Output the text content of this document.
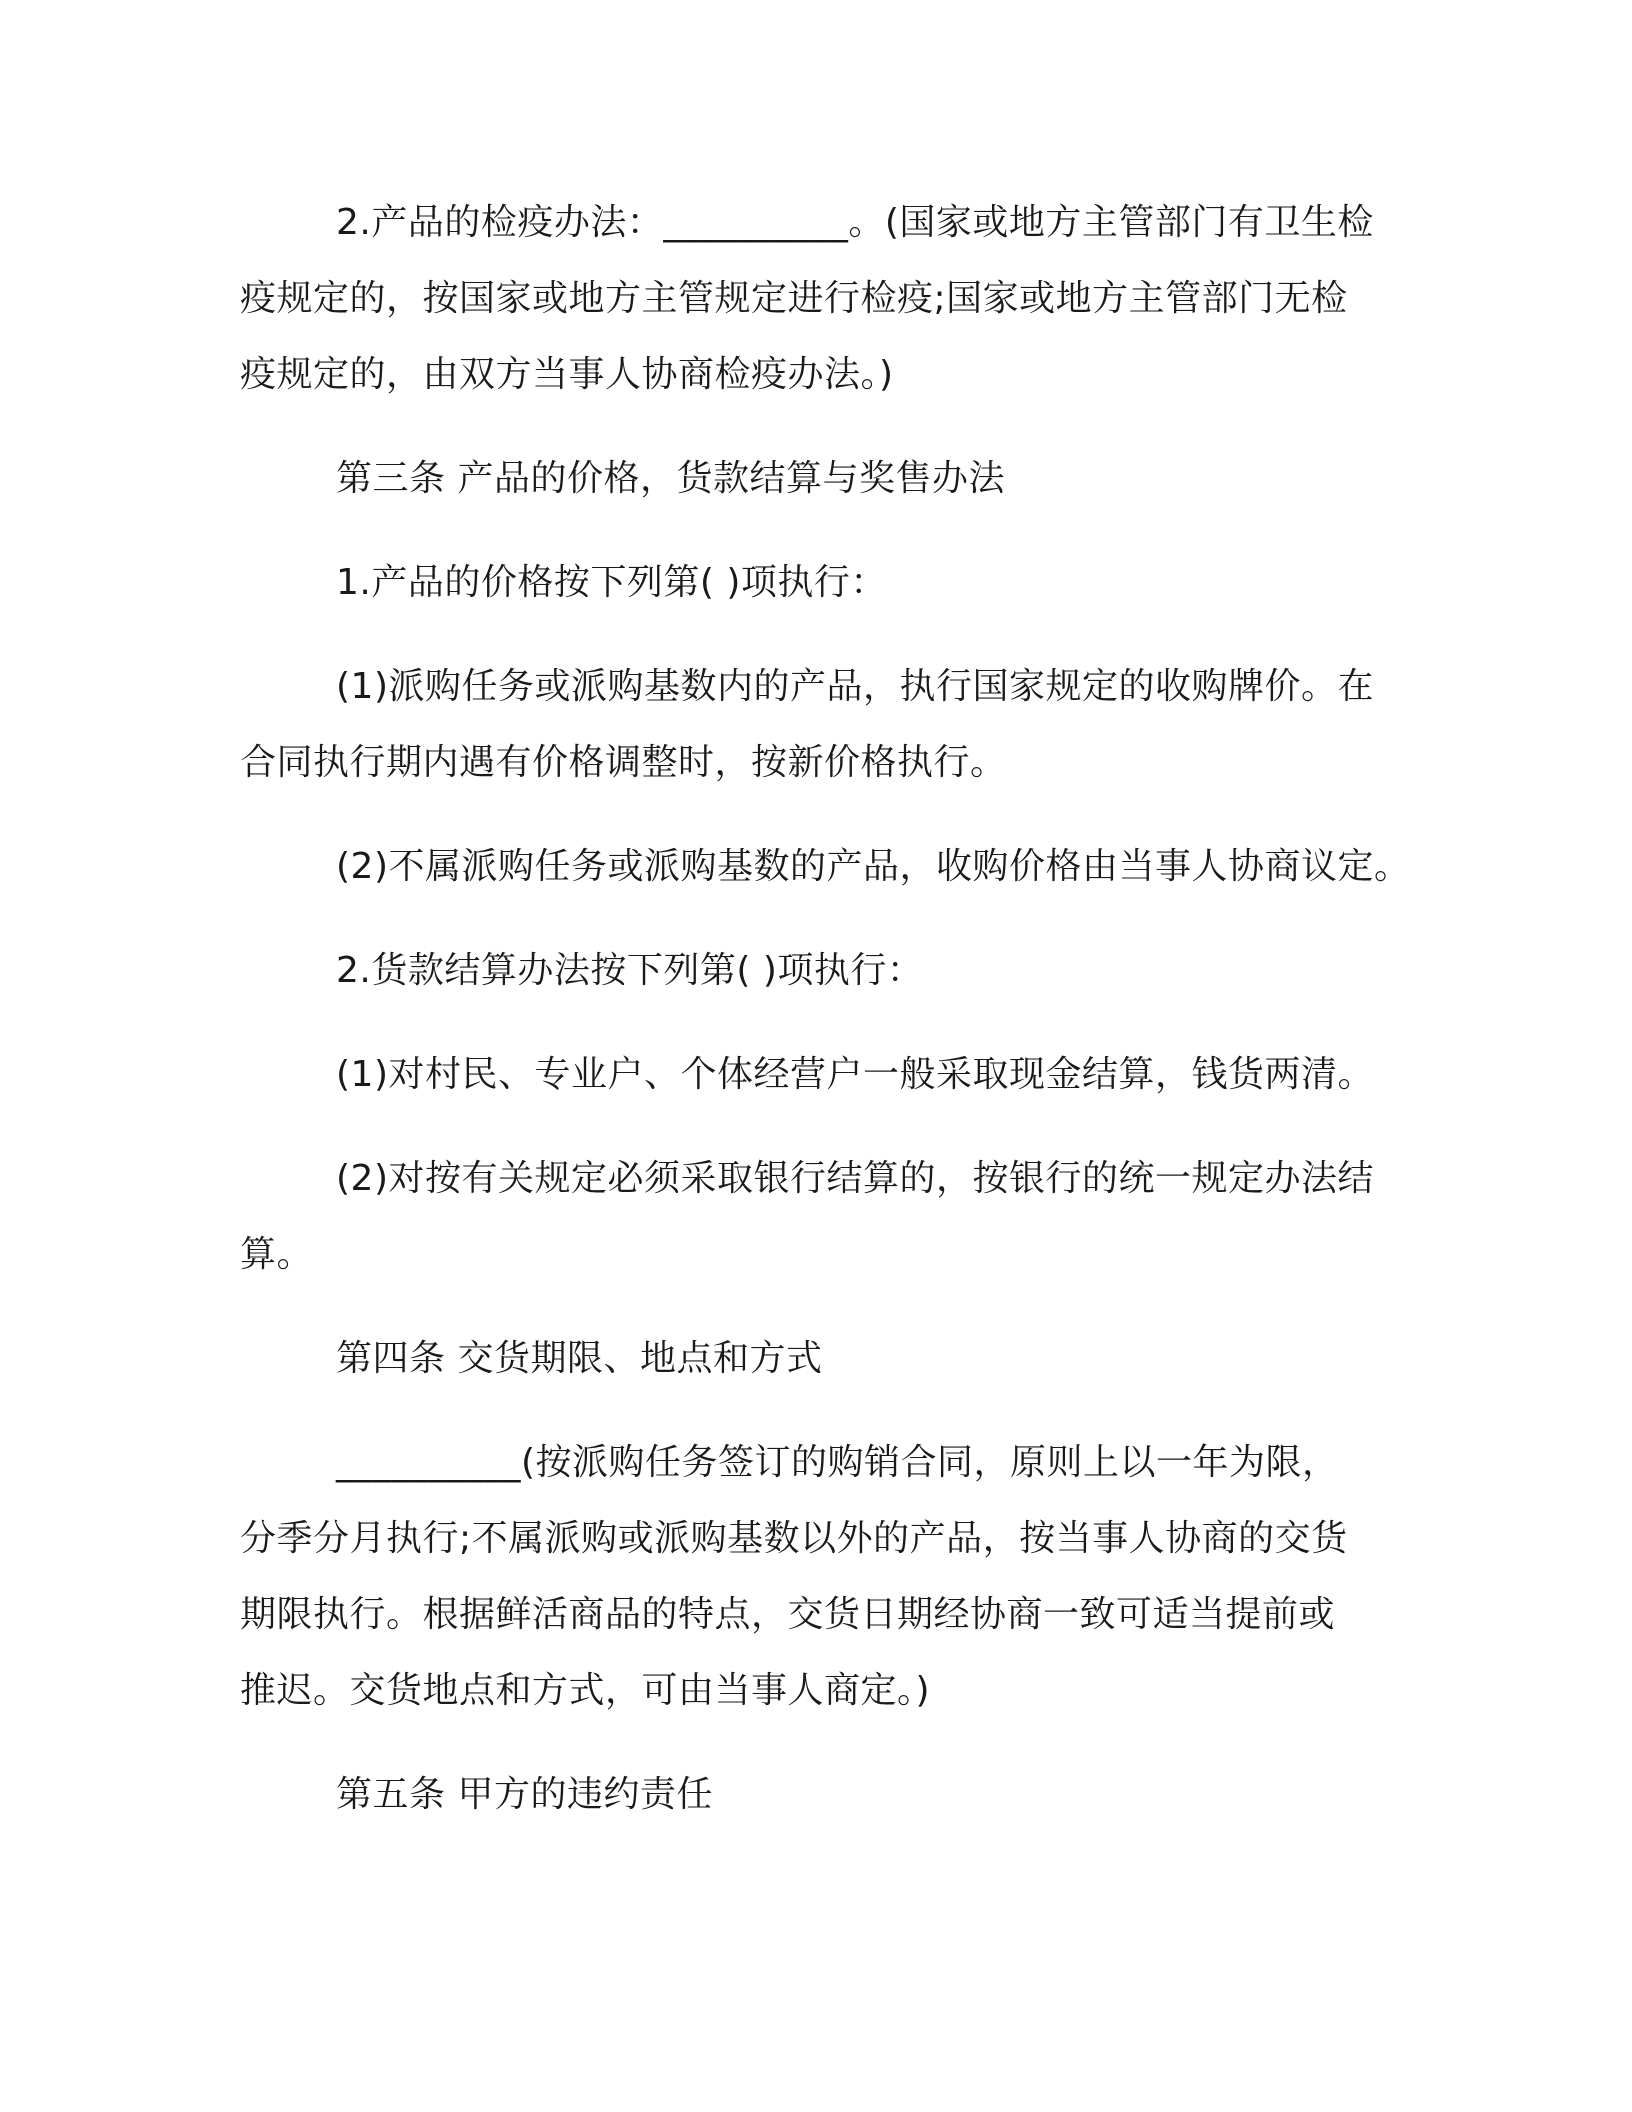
2.产品的检疫办法：__________。(国家或地方主管部门有卫生检
疫规定的，按国家或地方主管规定进行检疫;国家或地方主管部门无检
疫规定的，由双方当事人协商检疫办法。)
第三条 产品的价格，货款结算与奖售办法
1.产品的价格按下列第( )项执行：
(1)派购任务或派购基数内的产品，执行国家规定的收购牌价。在
合同执行期内遇有价格调整时，按新价格执行。
(2)不属派购任务或派购基数的产品，收购价格由当事人协商议定。
2.货款结算办法按下列第( )项执行：
(1)对村民、专业户、个体经营户一般采取现金结算，钱货两清。
(2)对按有关规定必须采取银行结算的，按银行的统一规定办法结
算。
第四条 交货期限、地点和方式
__________(按派购任务签订的购销合同，原则上以一年为限，
分季分月执行;不属派购或派购基数以外的产品，按当事人协商的交货
期限执行。根据鲜活商品的特点，交货日期经协商一致可适当提前或
推迟。交货地点和方式，可由当事人商定。)
第五条 甲方的违约责任
